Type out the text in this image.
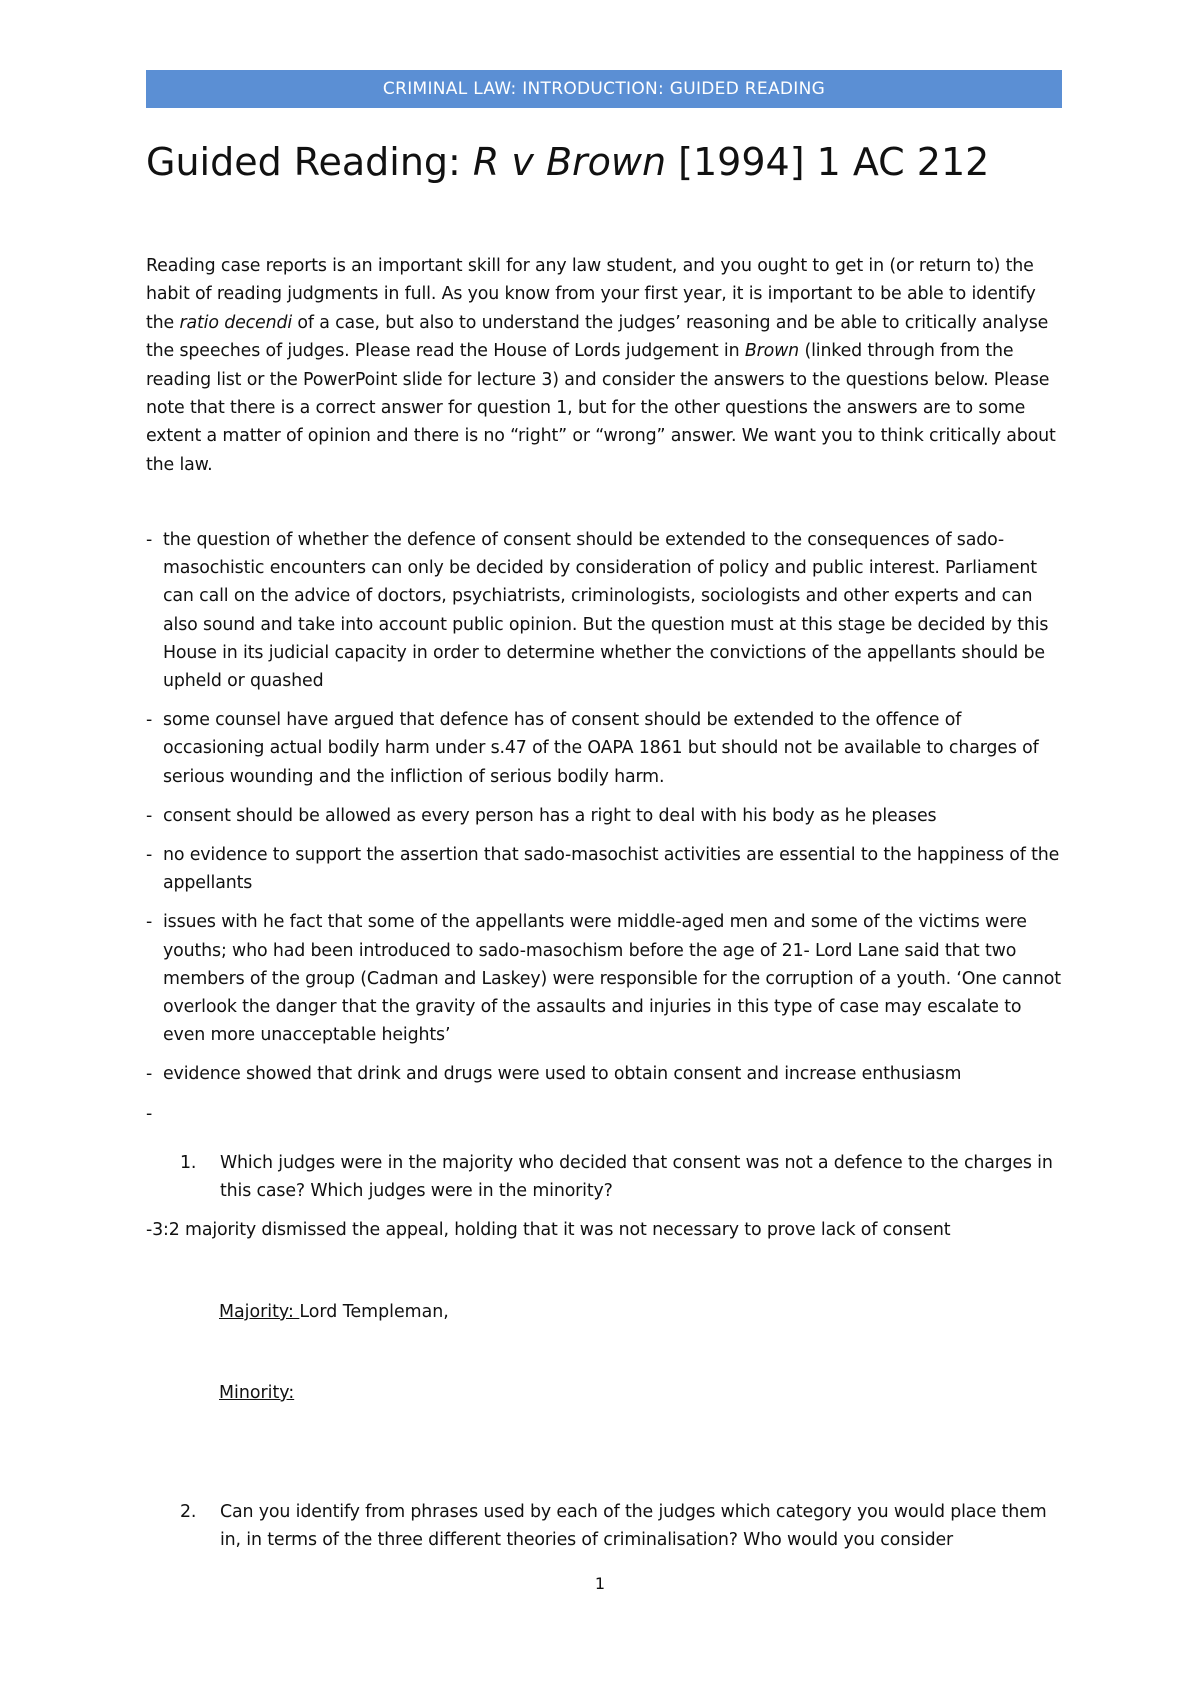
CRIMINAL LAW: INTRODUCTION: GUIDED READING
Guided Reading: R v Brown [1994] 1 AC 212

Reading case reports is an important skill for any law student, and you ought to get in (or return to) the habit of reading judgments in full. As you know from your first year, it is important to be able to identify the ratio decendi of a case, but also to understand the judges’ reasoning and be able to critically analyse the speeches of judges. Please read the House of Lords judgement in Brown (linked through from the reading list or the PowerPoint slide for lecture 3) and consider the answers to the questions below. Please note that there is a correct answer for question 1, but for the other questions the answers are to some extent a matter of opinion and there is no “right” or “wrong” answer. We want you to think critically about the law.

- the question of whether the defence of consent should be extended to the consequences of sado-masochistic encounters can only be decided by consideration of policy and public interest. Parliament can call on the advice of doctors, psychiatrists, criminologists, sociologists and other experts and can also sound and take into account public opinion. But the question must at this stage be decided by this House in its judicial capacity in order to determine whether the convictions of the appellants should be upheld or quashed
- some counsel have argued that defence has of consent should be extended to the offence of occasioning actual bodily harm under s.47 of the OAPA 1861 but should not be available to charges of serious wounding and the infliction of serious bodily harm.
- consent should be allowed as every person has a right to deal with his body as he pleases
- no evidence to support the assertion that sado-masochist activities are essential to the happiness of the appellants
- issues with he fact that some of the appellants were middle-aged men and some of the victims were youths; who had been introduced to sado-masochism before the age of 21- Lord Lane said that two members of the group (Cadman and Laskey) were responsible for the corruption of a youth. ‘One cannot overlook the danger that the gravity of the assaults and injuries in this type of case may escalate to even more unacceptable heights’
- evidence showed that drink and drugs were used to obtain consent and increase enthusiasm
-
1.	Which judges were in the majority who decided that consent was not a defence to the charges in this case? Which judges were in the minority?
-3:2 majority dismissed the appeal, holding that it was not necessary to prove lack of consent
Majority: Lord Templeman,
Minority:
2.	Can you identify from phrases used by each of the judges which category you would place them in, in terms of the three different theories of criminalisation? Who would you consider
1
